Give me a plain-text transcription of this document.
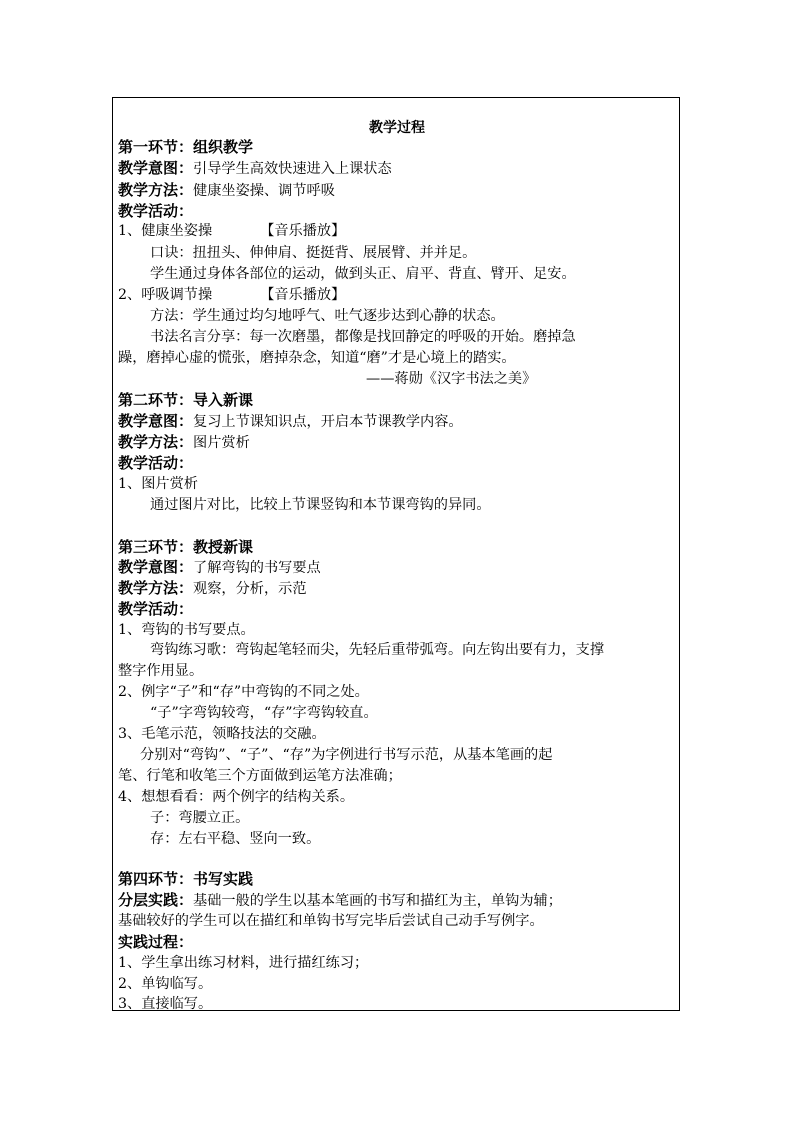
教学过程
第一环节：组织教学
教学意图：引导学生高效快速进入上课状态
教学方法：健康坐姿操、调节呼吸
教学活动：
1、健康坐姿操	【音乐播放】
口诀：扭扭头、伸伸肩、挺挺背、展展臂、并并足。
学生通过身体各部位的运动，做到头正、肩平、背直、臂开、足安。
2、呼吸调节操	【音乐播放】
方法：学生通过均匀地呼气、吐气逐步达到心静的状态。
书法名言分享：每一次磨墨，都像是找回静定的呼吸的开始。磨掉急
躁，磨掉心虚的慌张，磨掉杂念，知道“磨”才是心境上的踏实。
——蒋勋《汉字书法之美》
第二环节：导入新课
教学意图：复习上节课知识点，开启本节课教学内容。
教学方法：图片赏析
教学活动：
1、图片赏析
通过图片对比，比较上节课竖钩和本节课弯钩的异同。
第三环节：教授新课
教学意图：了解弯钩的书写要点
教学方法：观察，分析，示范
教学活动：
1、弯钩的书写要点。
弯钩练习歌：弯钩起笔轻而尖，先轻后重带弧弯。向左钩出要有力，支撑
整字作用显。
2、例字“子”和“存”中弯钩的不同之处。
“子”字弯钩较弯，“存”字弯钩较直。
3、毛笔示范，领略技法的交融。
分别对“弯钩”、“子”、“存”为字例进行书写示范，从基本笔画的起
笔、行笔和收笔三个方面做到运笔方法准确；
4、想想看看：两个例字的结构关系。
子：弯腰立正。
存：左右平稳、竖向一致。
第四环节：书写实践
分层实践：基础一般的学生以基本笔画的书写和描红为主，单钩为辅；
基础较好的学生可以在描红和单钩书写完毕后尝试自己动手写例字。
实践过程：
1、学生拿出练习材料，进行描红练习；
2、单钩临写。
3、直接临写。
